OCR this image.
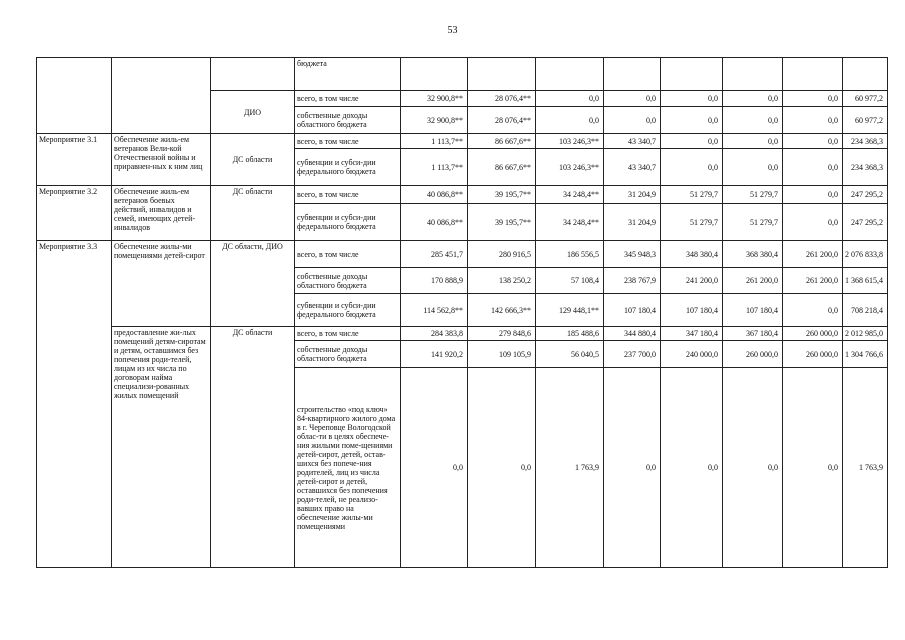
53
			бюджета								
		ДИО	всего, в том числе	32 900,8**	28 076,4**	0,0	0,0	0,0	0,0	0,0	60 977,2
			собственные доходы областного бюджета	32 900,8**	28 076,4**	0,0	0,0	0,0	0,0	0,0	60 977,2
Мероприятие 3.1	Обеспечение жиль-ем ветеранов Вели-кой Отечественной войны и приравнен-ных к ним лиц	ДС области	всего, в том числе	1 113,7**	86 667,6**	103 246,3**	43 340,7	0,0	0,0	0,0	234 368,3
			субвенции и субси-дии федерального бюджета	1 113,7**	86 667,6**	103 246,3**	43 340,7	0,0	0,0	0,0	234 368,3
Мероприятие 3.2	Обеспечение жиль-ем ветеранов боевых действий, инвалидов и семей, имеющих детей-инвалидов	ДС области	всего, в том числе	40 086,8**	39 195,7**	34 248,4**	31 204,9	51 279,7	51 279,7	0,0	247 295,2
			субвенции и субси-дии федерального бюджета	40 086,8**	39 195,7**	34 248,4**	31 204,9	51 279,7	51 279,7	0,0	247 295,2
Мероприятие 3.3	Обеспечение жилы-ми помещениями детей-сирот	ДС области, ДИО	всего, в том числе	285 451,7	280 916,5	186 556,5	345 948,3	348 380,4	368 380,4	261 200,0	2 076 833,8
			собственные доходы областного бюджета	170 888,9	138 250,2	57 108,4	238 767,9	241 200,0	261 200,0	261 200,0	1 368 615,4
			субвенции и субси-дии федерального бюджета	114 562,8**	142 666,3**	129 448,1**	107 180,4	107 180,4	107 180,4	0,0	708 218,4
	предоставление жи-лых помещений детям-сиротам и детям, оставшимся без попечения роди-телей, лицам из их числа по договорам найма специализи-рованных жилых помещений	ДС области	всего, в том числе	284 383,8	279 848,6	185 488,6	344 880,4	347 180,4	367 180,4	260 000,0	2 012 985,0
			собственные доходы областного бюджета	141 920,2	109 105,9	56 040,5	237 700,0	240 000,0	260 000,0	260 000,0	1 304 766,6
			строительство «под ключ» 84-квартирного жилого дома в г. Череповце Вологодской облас-ти в целях обеспече-ния жилыми поме-щениями детей-сирот, детей, остав-шихся без попече-ния родителей, лиц из числа детей-сирот и детей, оставшихся без попечения роди-телей, не реализо-вавших право на обеспечение жилы-ми помещениями	0,0	0,0	1 763,9	0,0	0,0	0,0	0,0	1 763,9
